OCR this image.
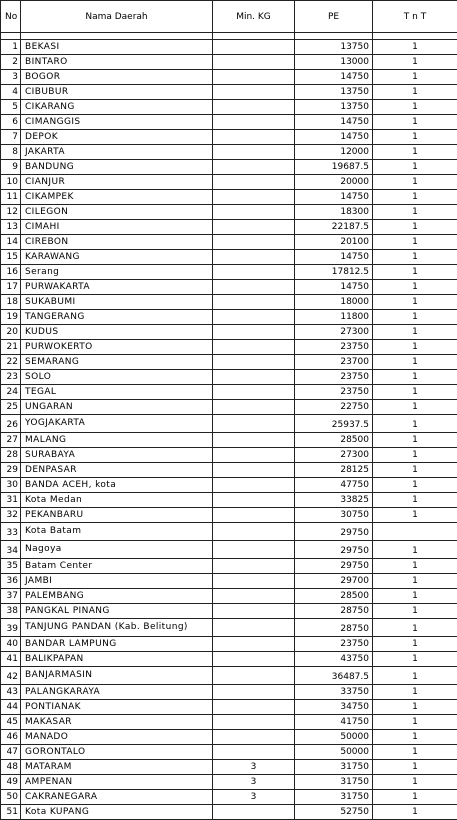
No	Nama Daerah	Min. KG	PE	T n T

1	BEKASI		13750	1
2	BINTARO		13000	1
3	BOGOR		14750	1
4	CIBUBUR		13750	1
5	CIKARANG		13750	1
6	CIMANGGIS		14750	1
7	DEPOK		14750	1
8	JAKARTA		12000	1
9	BANDUNG		19687.5	1
10	CIANJUR		20000	1
11	CIKAMPEK		14750	1
12	CILEGON		18300	1
13	CIMAHI		22187.5	1
14	CIREBON		20100	1
15	KARAWANG		14750	1
16	Serang		17812.5	1
17	PURWAKARTA		14750	1
18	SUKABUMI		18000	1
19	TANGERANG		11800	1
20	KUDUS		27300	1
21	PURWOKERTO		23750	1
22	SEMARANG		23700	1
23	SOLO		23750	1
24	TEGAL		23750	1
25	UNGARAN		22750	1
26	YOGJAKARTA		25937.5	1
27	MALANG		28500	1
28	SURABAYA		27300	1
29	DENPASAR		28125	1
30	BANDA ACEH, kota		47750	1
31	Kota Medan		33825	1
32	PEKANBARU		30750	1
33	Kota Batam		29750	
34	Nagoya		29750	1
35	Batam Center		29750	1
36	JAMBI		29700	1
37	PALEMBANG		28500	1
38	PANGKAL PINANG		28750	1
39	TANJUNG PANDAN (Kab. Belitung)		28750	1
40	BANDAR LAMPUNG		23750	1
41	BALIKPAPAN		43750	1
42	BANJARMASIN		36487.5	1
43	PALANGKARAYA		33750	1
44	PONTIANAK		34750	1
45	MAKASAR		41750	1
46	MANADO		50000	1
47	GORONTALO		50000	1
48	MATARAM	3	31750	1
49	AMPENAN	3	31750	1
50	CAKRANEGARA	3	31750	1
51	Kota KUPANG		52750	1
